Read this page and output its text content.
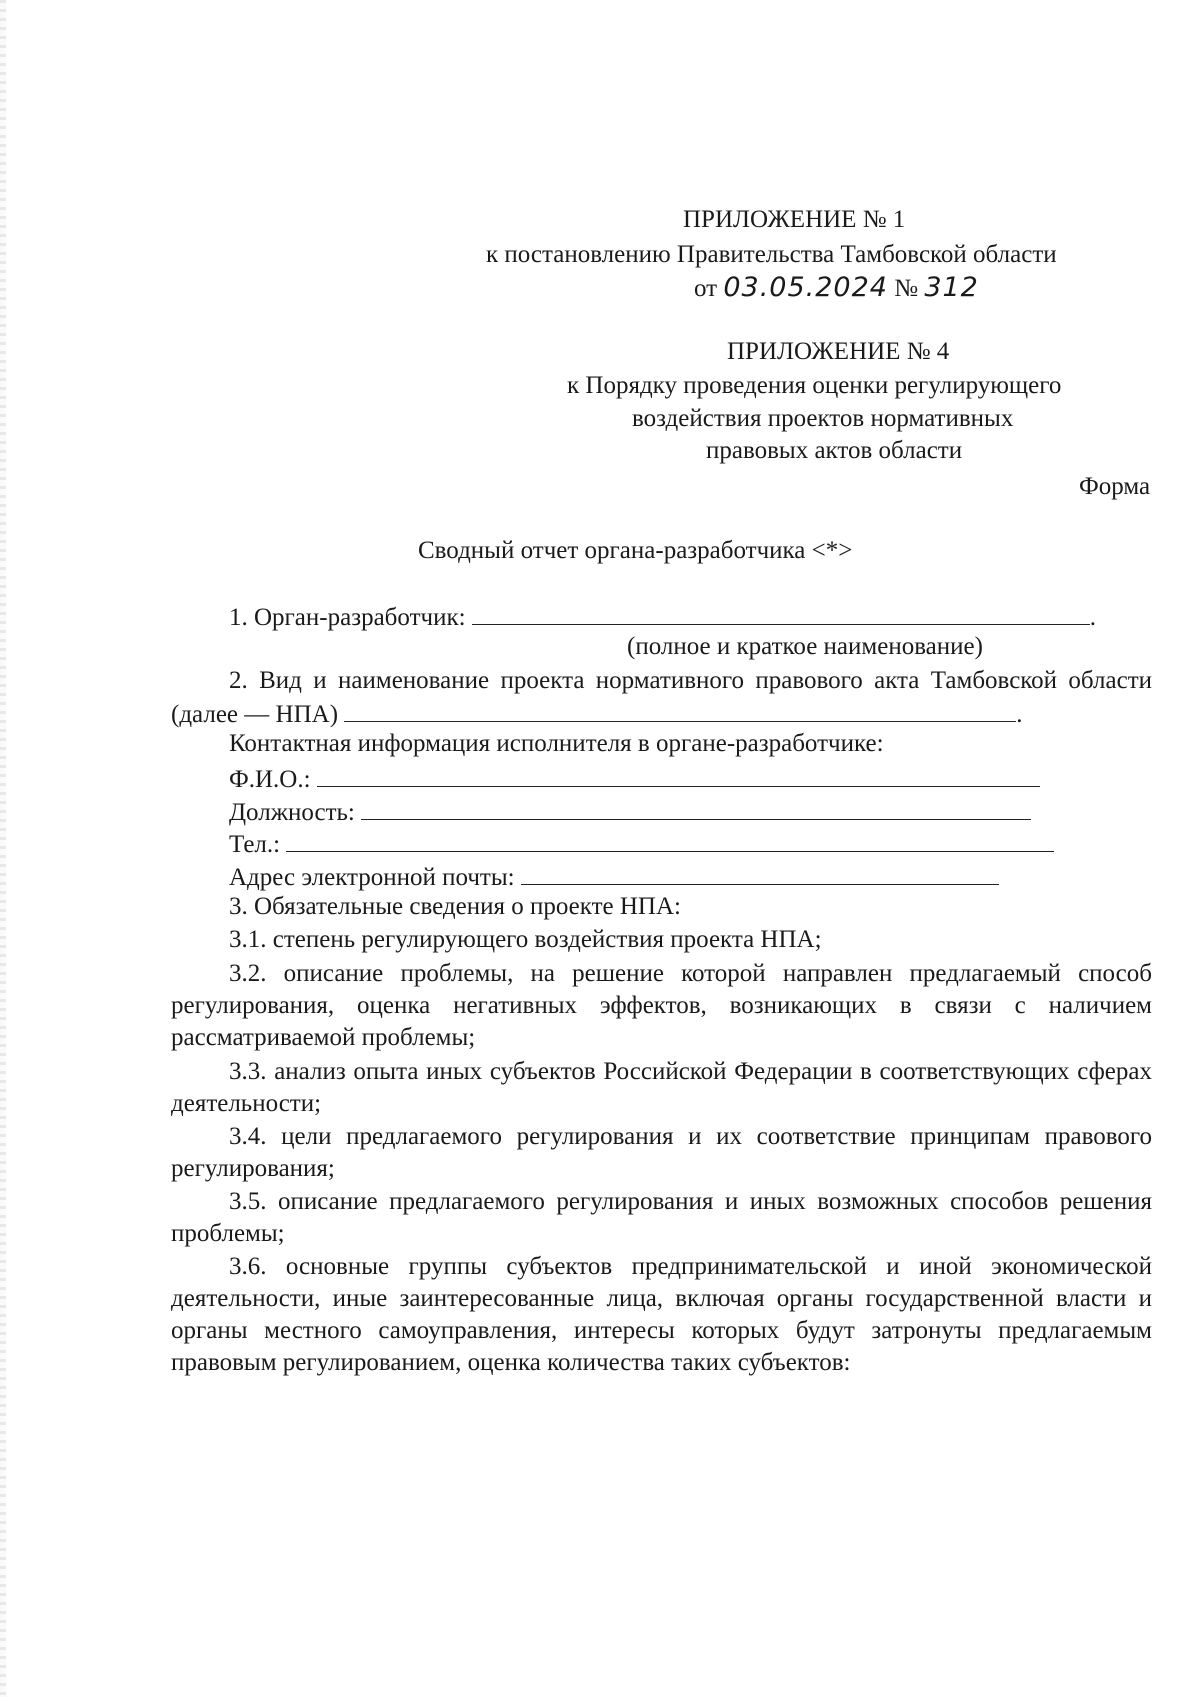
ПРИЛОЖЕНИЕ № 1
к постановлению Правительства Тамбовской области
от 03.05.2024 № 312
ПРИЛОЖЕНИЕ № 4
к Порядку проведения оценки регулирующего
воздействия проектов нормативных
правовых актов области
Форма
Сводный отчет органа-разработчика <*>
1. Орган-разработчик:	.
(полное и краткое наименование)
2. Вид и наименование проекта нормативного правового акта Тамбовской области (далее — НПА)	.
Контактная информация исполнителя в органе-разработчике:
Ф.И.О.:
Должность:
Тел.:
Адрес электронной почты:
3. Обязательные сведения о проекте НПА:
3.1. степень регулирующего воздействия проекта НПА;
3.2. описание проблемы, на решение которой направлен предлагаемый способ регулирования, оценка негативных эффектов, возникающих в связи с наличием рассматриваемой проблемы;
3.3. анализ опыта иных субъектов Российской Федерации в соответствующих сферах деятельности;
3.4. цели предлагаемого регулирования и их соответствие принципам правового регулирования;
3.5. описание предлагаемого регулирования и иных возможных способов решения проблемы;
3.6. основные группы субъектов предпринимательской и иной экономической деятельности, иные заинтересованные лица, включая органы государственной власти и органы местного самоуправления, интересы которых будут затронуты предлагаемым правовым регулированием, оценка количества таких субъектов:
